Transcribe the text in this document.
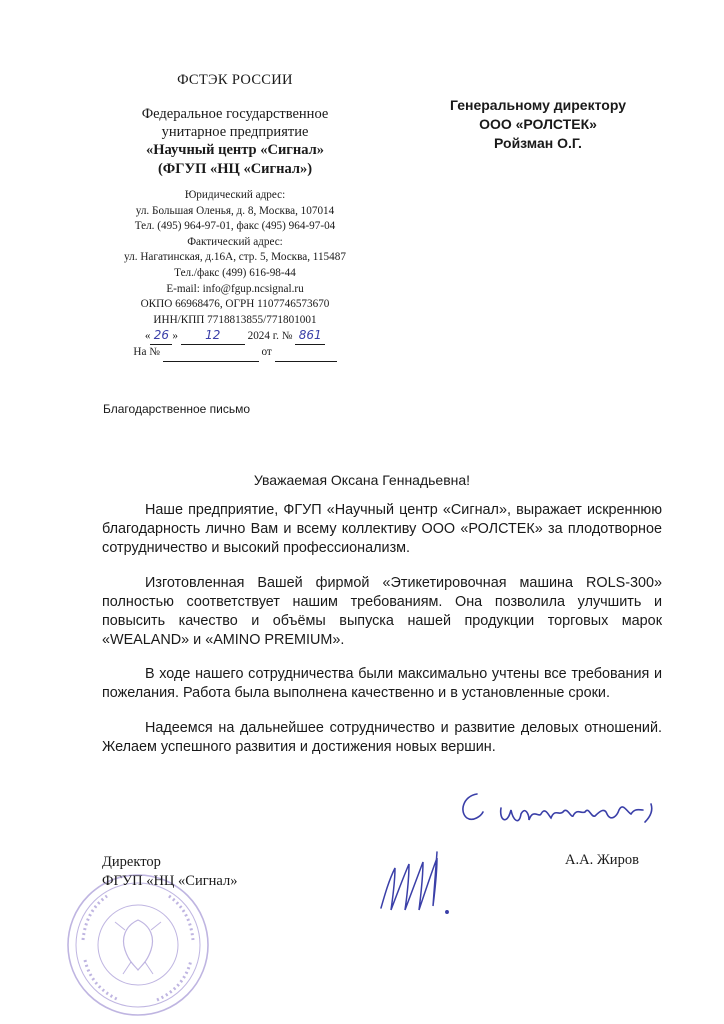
ФСТЭК РОССИИ
Федеральное государственное
унитарное предприятие
«Научный центр «Сигнал»
(ФГУП «НЦ «Сигнал»)
Юридический адрес:
ул. Большая Оленья, д. 8, Москва, 107014
Тел. (495) 964-97-01, факс (495) 964-97-04
Фактический адрес:
ул. Нагатинская, д.16А, стр. 5, Москва, 115487
Тел./факс (499) 616-98-44
E-mail: info@fgup.ncsignal.ru
ОКПО 66968476, ОГРН 1107746573670
ИНН/КПП 7718813855/771801001
« 26 » 12 2024 г. № 861
На №	от
Генеральному директору
ООО «РОЛСТЕК»
Ройзман О.Г.
Благодарственное письмо
Уважаемая Оксана Геннадьевна!

Наше предприятие, ФГУП «Научный центр «Сигнал», выражает искреннюю благодарность лично Вам и всему коллективу ООО «РОЛСТЕК» за плодотворное сотрудничество и высокий профессионализм.

Изготовленная Вашей фирмой «Этикетировочная машина ROLS-300» полностью соответствует нашим требованиям. Она позволила улучшить и повысить качество и объёмы выпуска нашей продукции торговых марок «WEALAND» и «AMINO PREMIUM».

В ходе нашего сотрудничества были максимально учтены все требования и пожелания. Работа была выполнена качественно и в установленные сроки.

Надеемся на дальнейшее сотрудничество и развитие деловых отношений. Желаем успешного развития и достижения новых вершин.

Директор
ФГУП «НЦ «Сигнал»
А.А. Жиров
